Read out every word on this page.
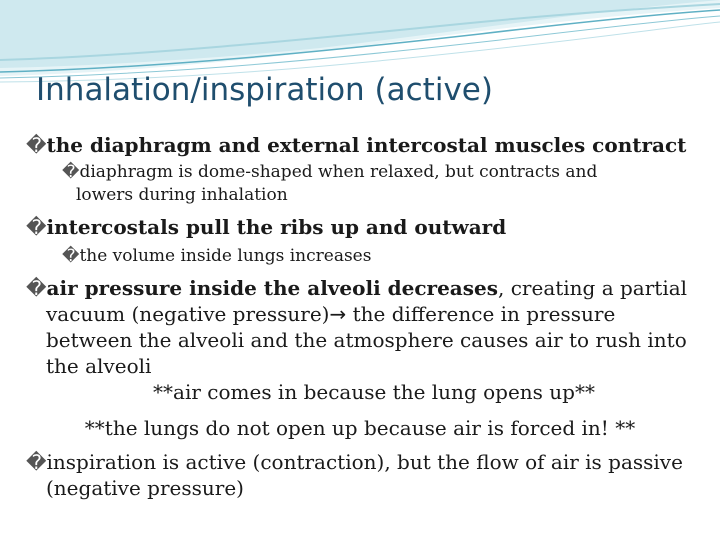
Inhalation/inspiration (active)
�the diaphragm and external intercostal muscles contract
�diaphragm is dome-shaped when relaxed, but contracts and
lowers during inhalation
�intercostals pull the ribs up and outward
�the volume inside lungs increases
�air pressure inside the alveoli decreases, creating a partial
vacuum (negative pressure)→ the difference in pressure
between the alveoli and the atmosphere causes air to rush into
the alveoli
**air comes in because the lung opens up**
**the lungs do not open up because air is forced in! **
�inspiration is active (contraction), but the flow of air is passive
(negative pressure)
